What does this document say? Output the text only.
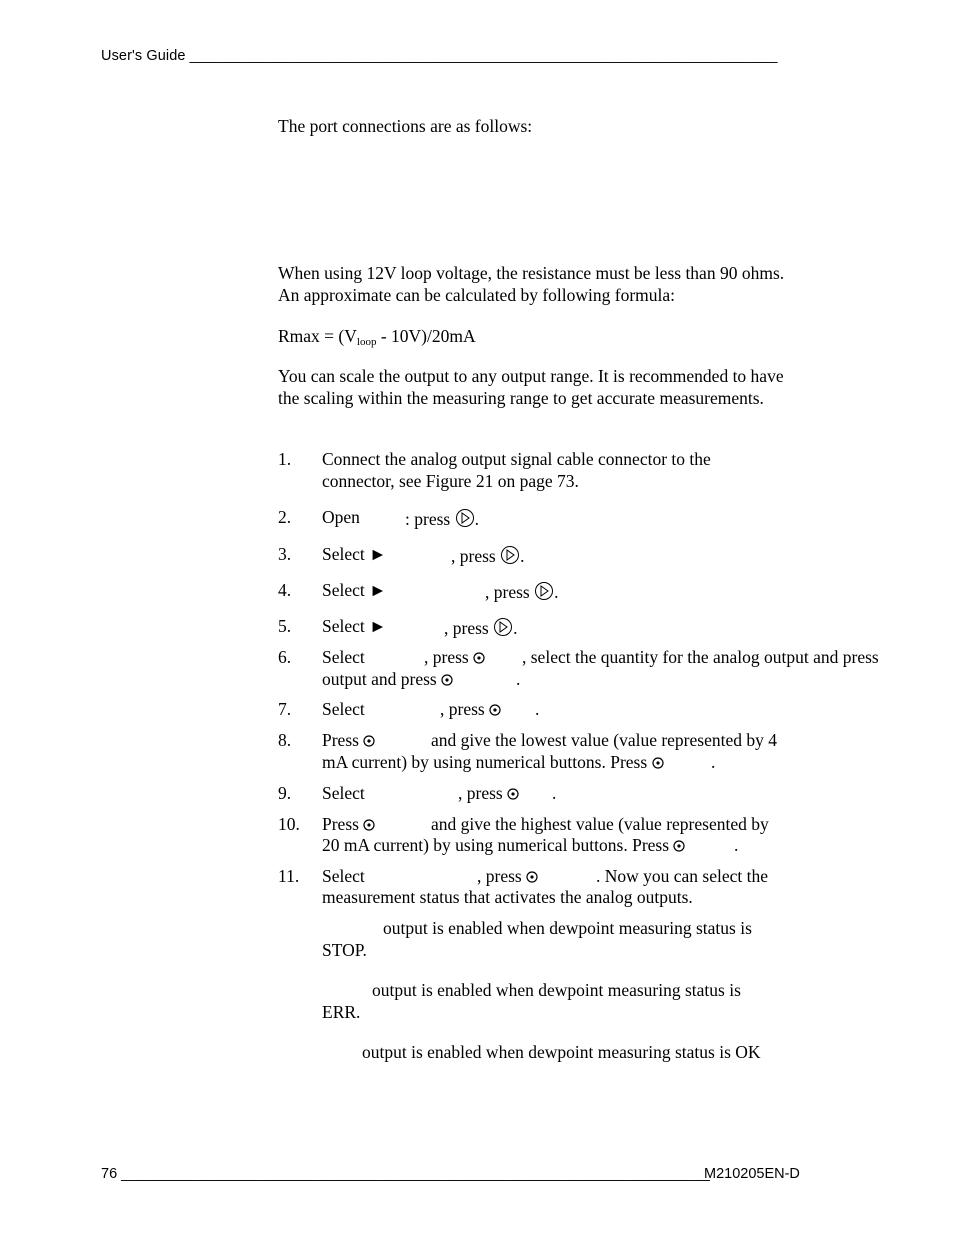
User's Guide ________________________________________________________________________
76 _________________________________________________________________________
M210205EN-D
The port connections are as follows:
When using 12V loop voltage, the resistance must be less than 90 ohms. An approximate can be calculated by following formula:
$Rmax = (V_{loop} - 10V)/20mA$
You can scale the output to any output range. It is recommended to have the scaling within the measuring range to get accurate measurements.
1. Connect the analog output signal cable connector to the connector, see Figure 21 on page 73.
2. Open	: press .
3. Select ►	, press .
4. Select ►	, press .
5. Select ►	, press .
6. Select	, press	, select the quantity for the analog output and press
output and press	.
7. Select	, press	.
8. Press	and give the lowest value (value represented by 4
mA current) by using numerical buttons. Press	.
9. Select	, press	.
10. Press	and give the highest value (value represented by
20 mA current) by using numerical buttons. Press	.
11. Select	, press	. Now you can select the
measurement status that activates the analog outputs.
output is enabled when dewpoint measuring status is
STOP.
output is enabled when dewpoint measuring status is
ERR.
output is enabled when dewpoint measuring status is OK
